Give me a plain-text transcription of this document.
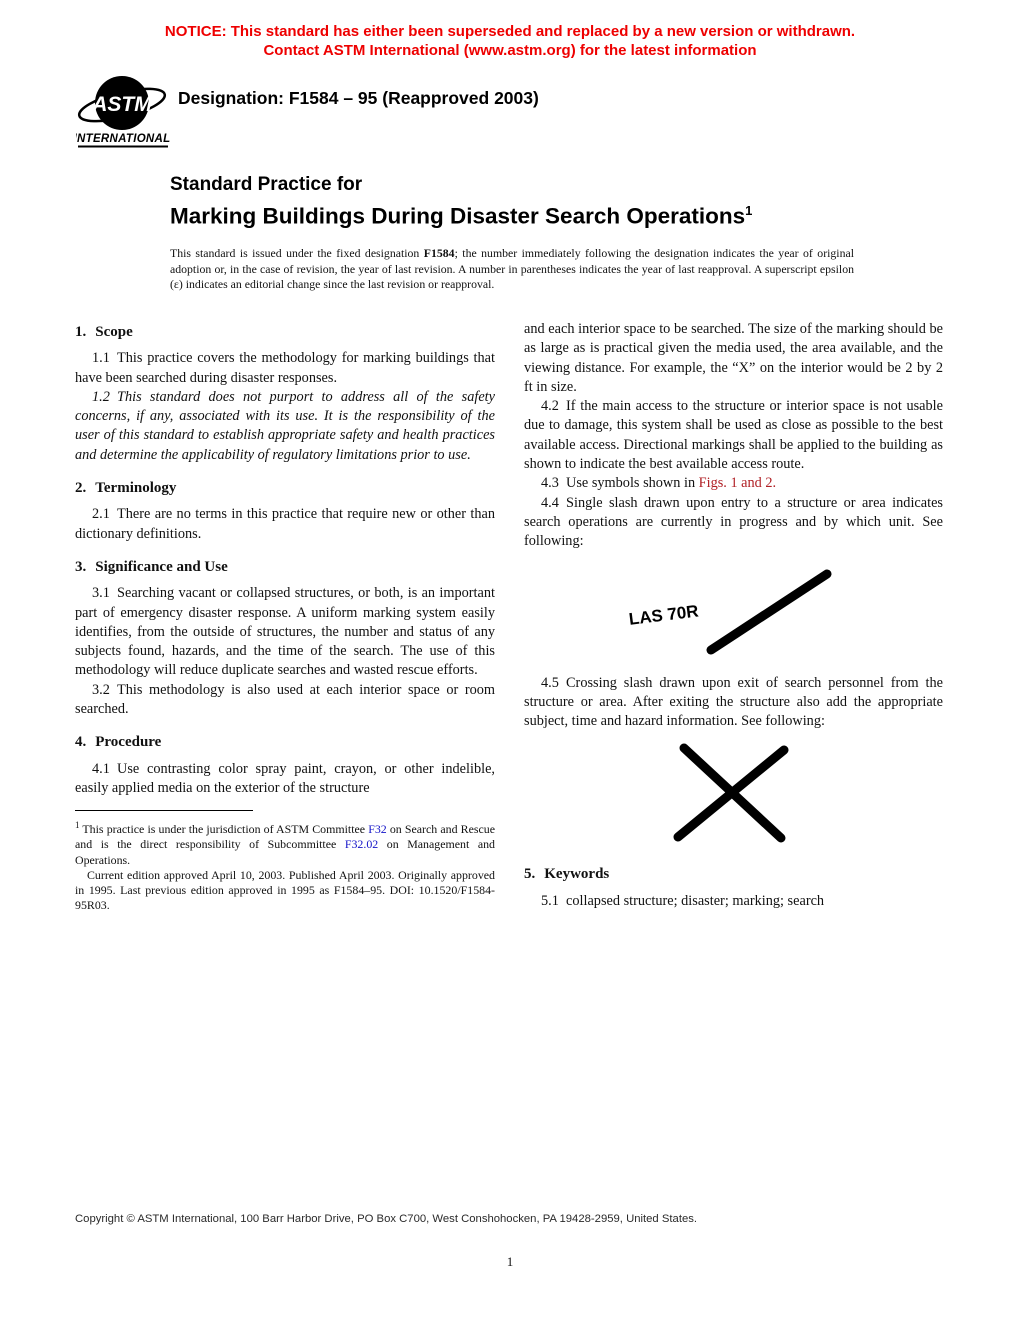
NOTICE: This standard has either been superseded and replaced by a new version or withdrawn.
Contact ASTM International (www.astm.org) for the latest information
ASTM
INTERNATIONAL
Designation: F1584 – 95 (Reapproved 2003)
Standard Practice for
Marking Buildings During Disaster Search Operations$^1$
This standard is issued under the fixed designation F1584; the number immediately following the designation indicates the year of original adoption or, in the case of revision, the year of last revision. A number in parentheses indicates the year of last reapproval. A superscript epsilon (ε) indicates an editorial change since the last revision or reapproval.
1. Scope

1.1 This practice covers the methodology for marking buildings that have been searched during disaster responses.

1.2 This standard does not purport to address all of the safety concerns, if any, associated with its use. It is the responsibility of the user of this standard to establish appropriate safety and health practices and determine the applicability of regulatory limitations prior to use.

2. Terminology

2.1 There are no terms in this practice that require new or other than dictionary definitions.

3. Significance and Use

3.1 Searching vacant or collapsed structures, or both, is an important part of emergency disaster response. A uniform marking system easily identifies, from the outside of structures, the number and status of any subjects found, hazards, and the time of the search. The use of this methodology will reduce duplicate searches and wasted rescue efforts.

3.2 This methodology is also used at each interior space or room searched.

4. Procedure

4.1 Use contrasting color spray paint, crayon, or other indelible, easily applied media on the exterior of the structure

$^1$ This practice is under the jurisdiction of ASTM Committee F32 on Search and Rescue and is the direct responsibility of Subcommittee F32.02 on Management and Operations.

Current edition approved April 10, 2003. Published April 2003. Originally approved in 1995. Last previous edition approved in 1995 as F1584–95. DOI: 10.1520/F1584-95R03.

and each interior space to be searched. The size of the marking should be as large as is practical given the media used, the area available, and the viewing distance. For example, the “X” on the interior would be 2 by 2 ft in size.

4.2 If the main access to the structure or interior space is not usable due to damage, this system shall be used as close as possible to the best available access. Directional markings shall be applied to the building as shown to indicate the best available access route.

4.3 Use symbols shown in Figs. 1 and 2.

4.4 Single slash drawn upon entry to a structure or area indicates search operations are currently in progress and by which unit. See following:

LAS 70R

4.5 Crossing slash drawn upon exit of search personnel from the structure or area. After exiting the structure also add the appropriate subject, time and hazard information. See following:

5. Keywords

5.1 collapsed structure; disaster; marking; search

Copyright © ASTM International, 100 Barr Harbor Drive, PO Box C700, West Conshohocken, PA 19428-2959, United States.
1
